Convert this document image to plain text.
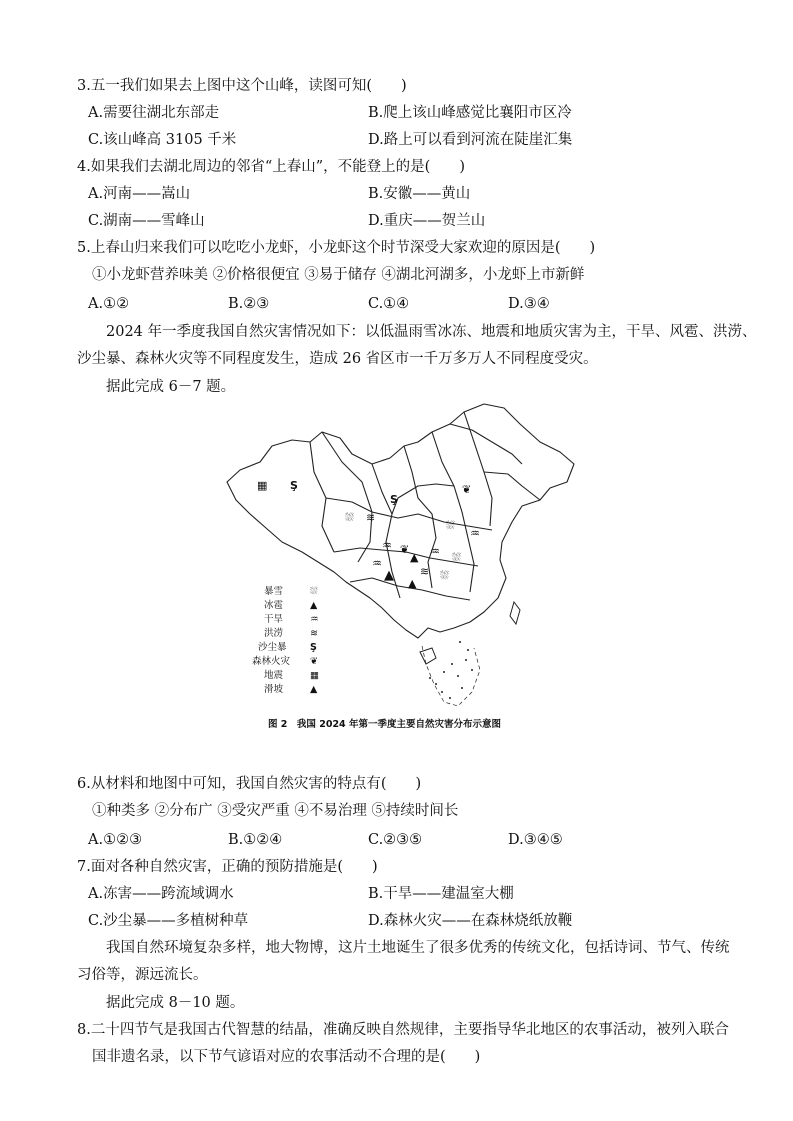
3.五一我们如果去上图中这个山峰，读图可知(　　)
A.需要往湖北东部走	B.爬上该山峰感觉比襄阳市区冷
C.该山峰高 3105 千米	D.路上可以看到河流在陡崖汇集
4.如果我们去湖北周边的邻省“上春山”，不能登上的是(　　)
A.河南——嵩山	B.安徽——黄山
C.湖南——雪峰山	D.重庆——贺兰山
5.上春山归来我们可以吃吃小龙虾，小龙虾这个时节深受大家欢迎的原因是(　　)
①小龙虾营养味美 ②价格很便宜 ③易于储存 ④湖北河湖多，小龙虾上市新鲜
A.①②	B.②③	C.①④	D.③④
2024 年一季度我国自然灾害情况如下：以低温雨雪冰冻、地震和地质灾害为主，干旱、风雹、洪涝、
沙尘暴、森林火灾等不同程度发生，造成 26 省区市一千万多万人不同程度受灾。
据此完成 6－7 题。
▦ Ş
Ş
⛆ ≋
❦
⛆
♒
♒ ❦
▲ ♒ ⛆
♒
▲ ≋ ⛆
▲
暴雪	⛆
冰雹	▲
干旱	♒
洪涝	≋
沙尘暴 Ş
森林火灾 ❦
地震	▦
滑坡	▲
图 2　我国 2024 年第一季度主要自然灾害分布示意图
6.从材料和地图中可知，我国自然灾害的特点有(　　)
①种类多 ②分布广 ③受灾严重 ④不易治理 ⑤持续时间长
A.①②③	B.①②④	C.②③⑤	D.③④⑤
7.面对各种自然灾害，正确的预防措施是(　　)
A.冻害——跨流域调水	B.干旱——建温室大棚
C.沙尘暴——多植树种草	D.森林火灾——在森林烧纸放鞭
我国自然环境复杂多样，地大物博，这片土地诞生了很多优秀的传统文化，包括诗词、节气、传统
习俗等，源远流长。
据此完成 8－10 题。
8.二十四节气是我国古代智慧的结晶，准确反映自然规律，主要指导华北地区的农事活动，被列入联合
国非遗名录，以下节气谚语对应的农事活动不合理的是(　　)
